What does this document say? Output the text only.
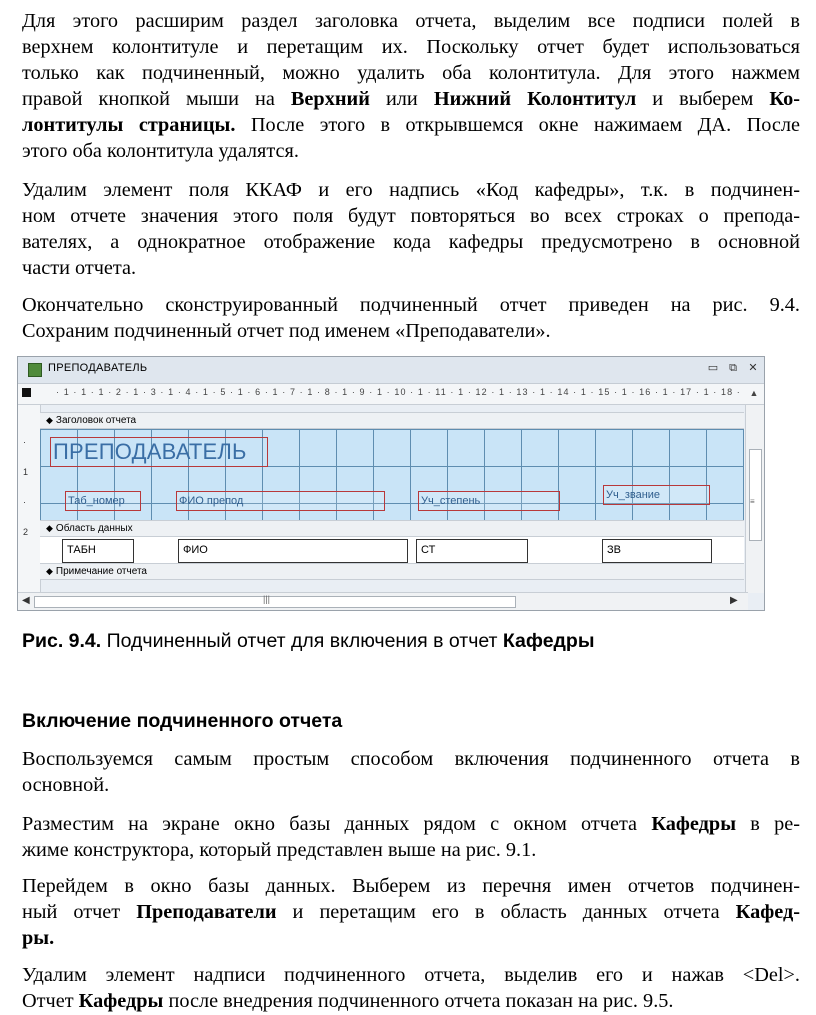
Для этого расширим раздел заголовка отчета, выделим все подписи полей в
верхнем колонтитуле и перетащим их. Поскольку отчет будет использоваться
только как подчиненный, можно удалить оба колонтитула. Для этого нажмем
правой кнопкой мыши на Верхний или Нижний Колонтитул и выберем Ко-
лонтитулы страницы. После этого в открывшемся окне нажимаем ДА. После
этого оба колонтитула удалятся.
Удалим элемент поля ККАФ и его надпись «Код кафедры», т.к. в подчинен-
ном отчете значения этого поля будут повторяться во всех строках о препода-
вателях, а однократное отображение кода кафедры предусмотрено в основной
части отчета.
Окончательно сконструированный подчиненный отчет приведен на рис. 9.4.
Сохраним подчиненный отчет под именем «Преподаватели».
ПРЕПОДАВАТЕЛЬ	▭ ⧉ ✕
· 1 · 1 · 1 · 2 · 1 · 3 · 1 · 4 · 1 · 5 · 1 · 6 · 1 · 7 · 1 · 8 · 1 · 9 · 1 · 10 · 1 · 11 · 1 · 12 · 1 · 13 · 1 · 14 · 1 · 15 · 1 · 16 · 1 · 17 · 1 · 18 · ▲
·
1
·
2
◆ Заголовок отчета
ПРЕПОДАВАТЕЛЬ
Таб_номер	ФИО препод	Уч_степень	Уч_звание
◆ Область данных
ТАБН	ФИО	СТ	ЗВ
◆ Примечание отчета
≡
◀	|||	▶
Рис. 9.4. Подчиненный отчет для включения в отчет Кафедры
Включение подчиненного отчета
Воспользуемся самым простым способом включения подчиненного отчета в
основной.
Разместим на экране окно базы данных рядом с окном отчета Кафедры в ре-
жиме конструктора, который представлен выше на рис. 9.1.
Перейдем в окно базы данных. Выберем из перечня имен отчетов подчинен-
ный отчет Преподаватели и перетащим его в область данных отчета Кафед-
ры.
Удалим элемент надписи подчиненного отчета, выделив его и нажав <Del>.
Отчет Кафедры после внедрения подчиненного отчета показан на рис. 9.5.
